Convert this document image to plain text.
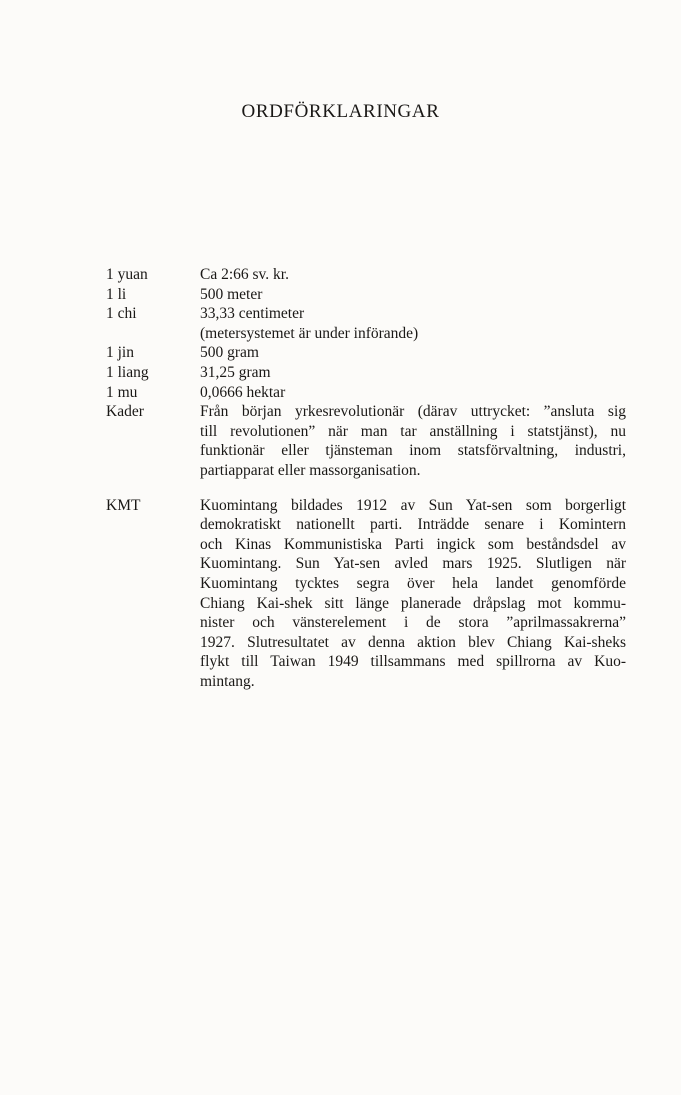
ORDFÖRKLARINGAR
1 yuan	Ca 2:66 sv. kr.
1 li	500 meter
1 chi	33,33 centimeter
(metersystemet är under införande)
1 jin	500 gram
1 liang	31,25 gram
1 mu	0,0666 hektar
Kader	Från början yrkesrevolutionär (därav uttrycket: ”ansluta sig
till revolutionen” när man tar anställning i statstjänst), nu
funktionär eller tjänsteman inom statsförvaltning, industri,
partiapparat eller massorganisation.
KMT	Kuomintang bildades 1912 av Sun Yat-sen som borgerligt
demokratiskt nationellt parti. Inträdde senare i Komintern
och Kinas Kommunistiska Parti ingick som beståndsdel av
Kuomintang. Sun Yat-sen avled mars 1925. Slutligen när
Kuomintang tycktes segra över hela landet genomförde
Chiang Kai-shek sitt länge planerade dråpslag mot kommu-
nister och vänsterelement i de stora ”aprilmassakrerna”
1927. Slutresultatet av denna aktion blev Chiang Kai-sheks
flykt till Taiwan 1949 tillsammans med spillrorna av Kuo-
mintang.
